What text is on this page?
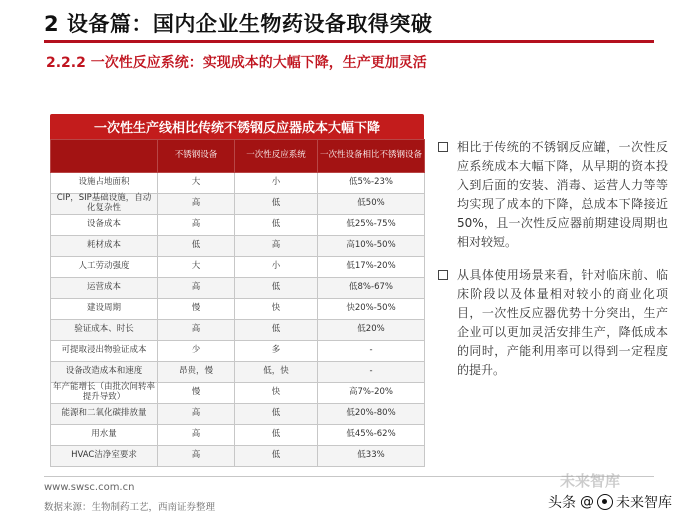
2 设备篇：国内企业生物药设备取得突破
2.2.2 一次性反应系统：实现成本的大幅下降，生产更加灵活
一次性生产线相比传统不锈钢反应器成本大幅下降
	不锈钢设备	一次性反应系统	一次性设备相比不锈钢设备
设施占地面积	大	小	低5%-23%
CIP，SIP基础设施，自动化复杂性	高	低	低50%
设备成本	高	低	低25%-75%
耗材成本	低	高	高10%-50%
人工劳动强度	大	小	低17%-20%
运营成本	高	低	低8%-67%
建设周期	慢	快	快20%-50%
验证成本、时长	高	低	低20%
可提取浸出物验证成本	少	多	-
设备改造成本和速度	昂贵，慢	低，快	-
年产能增长（由批次间转率提升导致）	慢	快	高7%-20%
能源和二氧化碳排放量	高	低	低20%-80%
用水量	高	低	低45%-62%
HVAC洁净室要求	高	低	低33%
相比于传统的不锈钢反应罐，一次性反应系统成本大幅下降，从早期的资本投入到后面的安装、消毒、运营人力等等均实现了成本的下降，总成本下降接近50%，且一次性反应器前期建设周期也相对较短。
从具体使用场景来看，针对临床前、临床阶段以及体量相对较小的商业化项目，一次性反应器优势十分突出，生产企业可以更加灵活安排生产，降低成本的同时，产能利用率可以得到一定程度的提升。
www.swsc.com.cn
数据来源：生物制药工艺，西南证券整理
未来智库
头条 @ 未来智库
